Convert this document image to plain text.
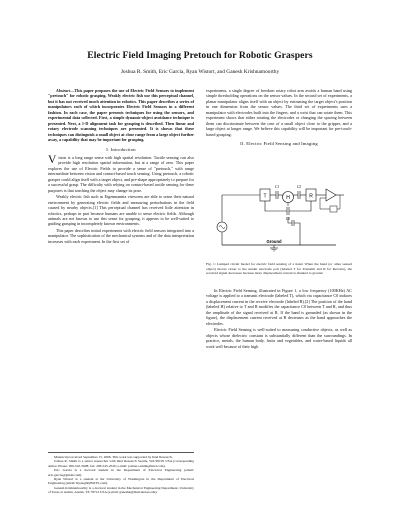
Electric Field Imaging Pretouch for Robotic Graspers
Joshua R. Smith, Eric Garcia, Ryan Wistort, and Ganesh Krishnamoorthy

Abstract—This paper proposes the use of Electric Field Sensors to implement "pretouch" for robotic grasping. Weakly electric fish use this perceptual channel, but it has not received much attention in robotics. This paper describes a series of manipulators each of which incorporates Electric Field Sensors in a different fashion. In each case, the paper presents techniques for using the sensors, and experimental data collected. First, a simple dynamic-object avoidance technique is presented. Next, a 1-D alignment task for grasping is described. Then linear and rotary electrode scanning techniques are presented. It is shown that these techniques can distinguish a small object at close range from a large object further away, a capability that may be important for grasping.

I. Introduction

Vision is a long range sense with high spatial resolution. Tactile sensing can also provide high resolution spatial information, but at a range of zero. This paper explores the use of Electric Fields to provide a sense of "pretouch," with range intermediate between vision and contact-based touch sensing. Using pretouch, a robotic grasper could align itself with a target object, and pre-shape appropriately to prepare for a successful grasp. The difficulty with relying on contact-based tactile sensing for these purposes is that touching the object may change its pose.

Weakly electric fish such as Eigenmannia virescens are able to sense their natural environment by generating electric fields and measuring perturbations in the field caused by nearby objects.[1] This perceptual channel has received little attention in robotics, perhaps in part because humans are unable to sense electric fields. Although animals are not known to use this sense for grasping, it appears to be well-suited to guiding grasping in incompletely known environments.

This paper describes initial experiments with electric field sensors integrated into a manipulator. The sophistication of the mechanical systems and of the data interpretation increases with each experiment. In the first set of

Manuscript received September 15, 2006. This work was supported by Intel Research.

Joshua R. Smith is a senior researcher with Intel Research Seattle, WA 98105 USA (corresponding author. Phone: 206-545-5608; fax: 206-545-2526; e-mail: joshua.r.smith@intel.com).

Eric Garcia is a doctoral student in the Department of Electrical Engineering (email: eric.garcia@gmail.com).

Ryan Wistort is a student at the University of Washington in the Department of Electrical Engineering (email: Ryan@RyBOTS.com).

Ganesh Krishnamoorthy is a doctoral student in the Mechanical Engineering Department, University of Texas at Austin, Austin, TX 78712 USA (e-mail: ganeshk@mail.utexas.edu).

experiments, a single degree of freedom rotary robot arm avoids a human hand using simple thresholding operations on the sensor values. In the second set of experiments, a planar manipulator aligns itself with an object by estimating the target object's position in one dimension from the sensor values. The third set of experiments uses a manipulator with electrodes built into the fingers, and a wrist that can rotate them. This experiment shows that either rotating the electrodes or changing the spacing between them can discriminate between the case of a small object close to the gripper, and a large object at longer range. We believe this capability will be important for pre-touch-based grasping.

II. Electric Field Sensing and Imaging
T	H	R
C1	C2
C0
Ground
Fig. 1: Lumped circuit model for electric field sensing of a hand. When the hand (or other sensed object) moves closer to the sender electrode pair (labeled T for Transmit and R for Receive), the received signal decreases because more displacement current is shunted to ground.

In Electric Field Sensing, illustrated in Figure 1, a low frequency (100KHz) AC voltage is applied to a transmit electrode (labeled T), which via capacitance C0 induces a displacement current in the receive electrode (labeled R).[2] The position of the hand (labeled H) relative to T and R modifies the capacitance C0 between T and R, and thus the amplitude of the signal received at R. If the hand is grounded (as shown in the figure), the displacement current received at R decreases as the hand approaches the electrodes.

Electric Field Sensing is well-suited to measuring conductive objects, as well as objects whose dielectric constant is substantially different than the surroundings. In practice, metals, the human body, fruits and vegetables, and water-based liquids all work well because of their high
